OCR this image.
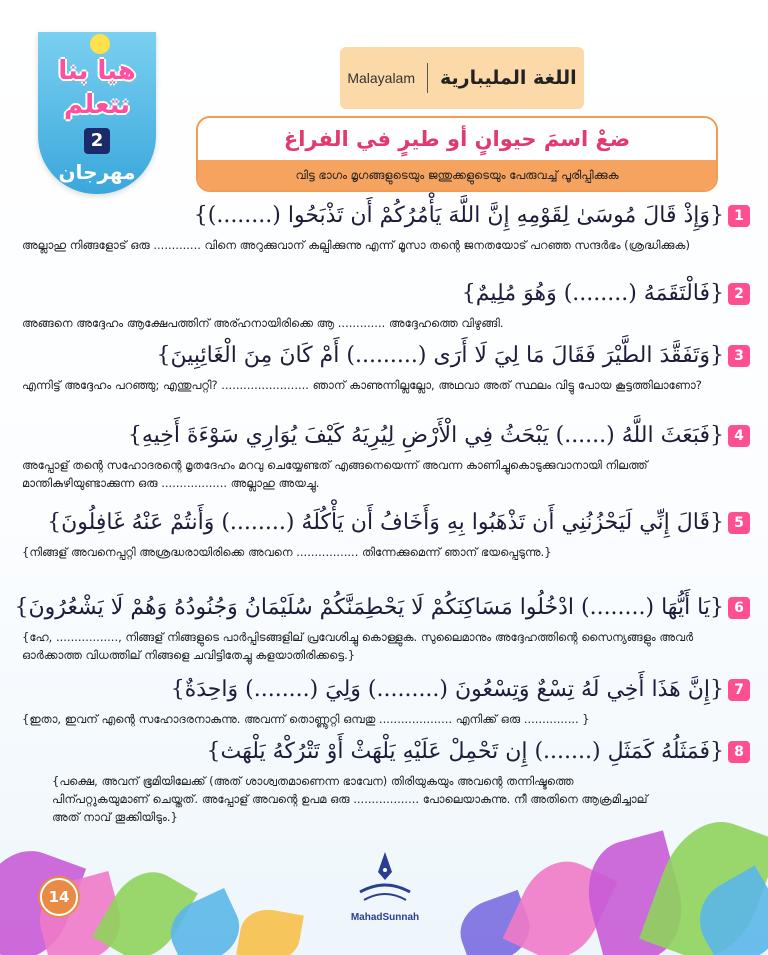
هيا بنا
نتعلم
2
مهرجان
Malayalam	اللغة المليبارية
ضعْ اسمَ حيوانٍ أو طيرٍ في الفراغ
വിട്ട ഭാഗം മൃഗങ്ങളുടെയും ജന്തുക്കളുടെയും പേരുവച്ച് പൂരിപ്പിക്കുക
1{وَإِذْ قَالَ مُوسَىٰ لِقَوْمِهِ إِنَّ اللَّهَ يَأْمُرُكُمْ أَن تَذْبَحُوا (........)}
അല്ലാഹു നിങ്ങളോട് ഒരു ............. വിനെ അറുക്കുവാന് കല്പിക്കുന്നു എന്ന് മൂസാ തന്റെ ജനതയോട് പറഞ്ഞ സന്ദർഭം (ശ്രദ്ധിക്കുക)
2{فَالْتَقَمَهُ (........) وَهُوَ مُلِيمٌ}
അങ്ങനെ അദ്ദേഹം ആക്ഷേപത്തിന് അര്ഹനായിരിക്കെ ആ ............. അദ്ദേഹത്തെ വിഴുങ്ങി.
3{وَتَفَقَّدَ الطَّيْرَ فَقَالَ مَا لِيَ لَا أَرَى (.........) أَمْ كَانَ مِنَ الْغَائِبِينَ}
എന്നിട്ട് അദ്ദേഹം പറഞ്ഞു; എന്തുപറ്റി? ........................ ഞാന് കാണുന്നില്ലല്ലോ, അഥവാ അത് സ്ഥലം വിട്ടു പോയ കൂട്ടത്തിലാണോ?
4{فَبَعَثَ اللَّهُ (......) يَبْحَثُ فِي الْأَرْضِ لِيُرِيَهُ كَيْفَ يُوَارِي سَوْءَةَ أَخِيهِ}
അപ്പോള് തന്റെ സഹോദരന്റെ മൃതദേഹം മറവു ചെയ്യേണ്ടത് എങ്ങനെയെന്ന് അവന്ന കാണിച്ചുകൊടുക്കുവാനായി നിലത്ത് മാന്തികുഴിയുണ്ടാക്കുന്ന ഒരു .................. അല്ലാഹു അയച്ചു.
5{قَالَ إِنِّي لَيَحْزُنُنِي أَن تَذْهَبُوا بِهِ وَأَخَافُ أَن يَأْكُلَهُ (........) وَأَنتُمْ عَنْهُ غَافِلُونَ}
{നിങ്ങള് അവനെപ്പറ്റി അശ്രദ്ധരായിരിക്കെ അവനെ ................. തിന്നേക്കുമെന്ന് ഞാന് ഭയപ്പെടുന്നു.}
6{يَا أَيُّهَا (........) ادْخُلُوا مَسَاكِنَكُمْ لَا يَحْطِمَنَّكُمْ سُلَيْمَانُ وَجُنُودُهُ وَهُمْ لَا يَشْعُرُونَ}
{ഹേ, ................., നിങ്ങള് നിങ്ങളുടെ പാർപ്പിടങ്ങളില് പ്രവേശിച്ചു കൊള്ളുക. സുലൈമാനും അദ്ദേഹത്തിന്റെ സൈന്യങ്ങളും അവർ ഓർക്കാത്ത വിധത്തില് നിങ്ങളെ ചവിട്ടിതേച്ചു കളയാതിരിക്കട്ടെ.}
7{إِنَّ هَذَا أَخِي لَهُ تِسْعٌ وَتِسْعُونَ (.........) وَلِيَ (........) وَاحِدَةٌ}
{ഇതാ, ഇവന് എന്റെ സഹോദരനാകുന്നു. അവന്ന് തൊണ്ണൂറ്റി ഒമ്പതു .................... എനിക്ക് ഒരു ............... }
8{فَمَثَلُهُ كَمَثَلِ (.......) إِن تَحْمِلْ عَلَيْهِ يَلْهَثْ أَوْ تَتْرُكْهُ يَلْهَث}
{പക്ഷെ, അവന് ഭൂമിയിലേക്ക് (അത് ശാശ്വതമാണെന്ന ഭാവേന) തിരിയുകയും അവന്റെ തന്നിഷ്ടത്തെ പിന്പറ്റുകയുമാണ് ചെയ്തത്. അപ്പോള് അവന്റെ ഉപമ ഒരു .................. പോലെയാകുന്നു. നീ അതിനെ ആക്രമിച്ചാല് അത് നാവ് തൂക്കിയിടും.}
14
MahadSunnah
